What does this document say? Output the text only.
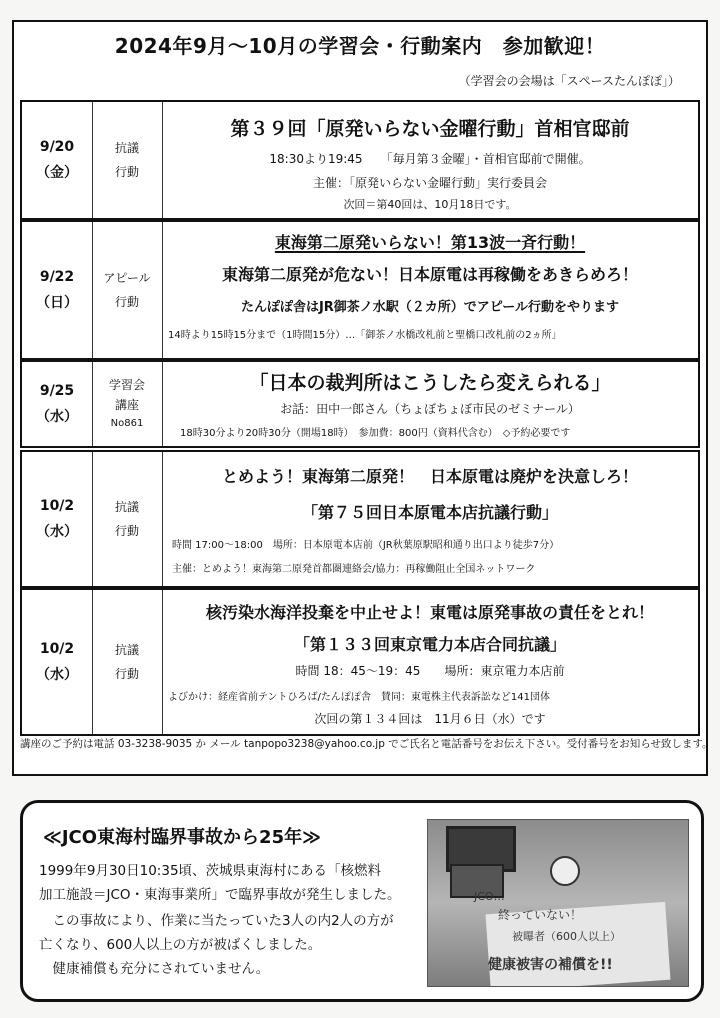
2024年9月～10月の学習会・行動案内　参加歓迎！
（学習会の会場は「スペースたんぽぽ」）
9/20
（金）
抗議
行動
第３９回「原発いらない金曜行動」首相官邸前
18:30より19:45　　「毎月第３金曜」・首相官邸前で開催。
主催：「原発いらない金曜行動」実行委員会
次回＝第40回は、10月18日です。
9/22
（日）
アピール
行動
東海第二原発いらない！第13波一斉行動！
東海第二原発が危ない！日本原電は再稼働をあきらめろ！
たんぽぽ舎はJR御茶ノ水駅（２カ所）でアピール行動をやります
14時より15時15分まで（1時間15分）…「御茶ノ水橋改札前と聖橋口改札前の2ヵ所」
9/25
（水）
学習会
講座
No861
「日本の裁判所はこうしたら変えられる」
お話：田中一郎さん（ちょぼちょぼ市民のゼミナール）
18時30分より20時30分（開場18時）　参加費：800円（資料代含む）　◇予約必要です
10/2
（水）
抗議
行動
とめよう！東海第二原発！　日本原電は廃炉を決意しろ！
「第７５回日本原電本店抗議行動」
時間 17:00～18:00　場所：日本原電本店前（JR秋葉原駅昭和通り出口より徒歩7分）
主催：とめよう！東海第二原発首都圏連絡会/協力：再稼働阻止全国ネットワーク
10/2
（水）
抗議
行動
核汚染水海洋投棄を中止せよ！東電は原発事故の責任をとれ！
「第１３３回東京電力本店合同抗議」
時間 18：45～19：45　　場所：東京電力本店前
よびかけ：経産省前テントひろば/たんぽぽ舎　賛同：東電株主代表訴訟など141団体
次回の第１３４回は　11月６日（水）です
講座のご予約は電話 03-3238-9035 か メール tanpopo3238@yahoo.co.jp でご氏名と電話番号をお伝え下さい。受付番号をお知らせ致します。
≪JCO東海村臨界事故から25年≫
1999年9月30日10:35頃、茨城県東海村にある「核燃料
加工施設＝JCO・東海事業所」で臨界事故が発生しました。
　この事故により、作業に当たっていた3人の内2人の方が
亡くなり、600人以上の方が被ばくしました。
　健康補償も充分にされていません。
JCO…
終っていない！
被曝者（600人以上）
健康被害の補償を!!
